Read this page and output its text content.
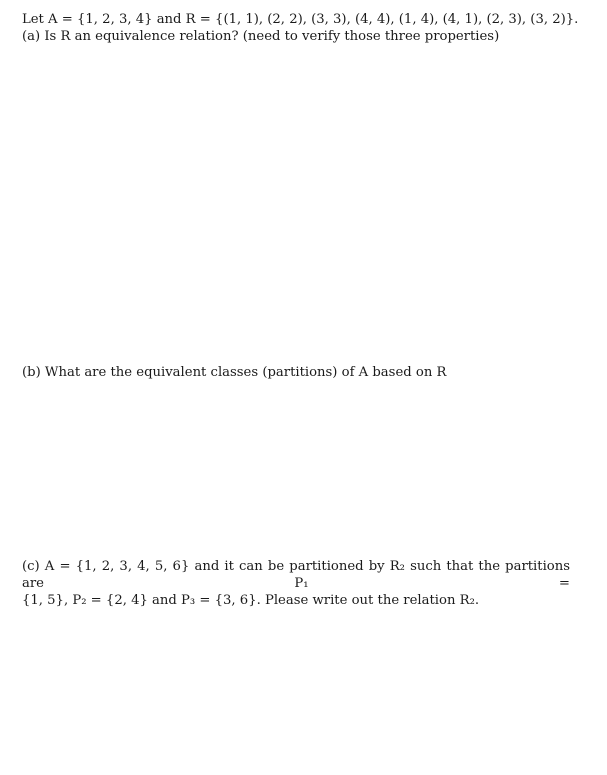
Let A = {1, 2, 3, 4} and R = {(1, 1), (2, 2), (3, 3), (4, 4), (1, 4), (4, 1), (2, 3), (3, 2)}.
(a) Is R an equivalence relation? (need to verify those three properties)
(b) What are the equivalent classes (partitions) of A based on R
(c) A = {1, 2, 3, 4, 5, 6} and it can be partitioned by R₂ such that the partitions are P₁ =
{1, 5}, P₂ = {2, 4} and P₃ = {3, 6}. Please write out the relation R₂.
